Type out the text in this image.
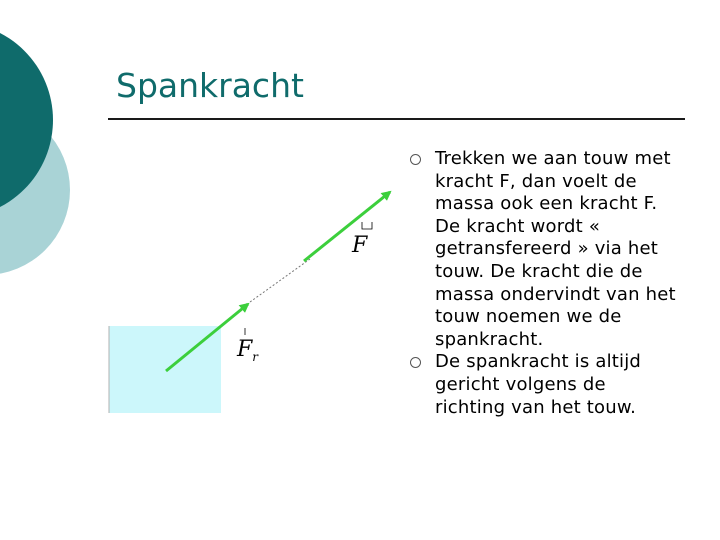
Spankracht
F
$F_r$
Trekken we aan touw met kracht F, dan voelt de massa ook een kracht F. De kracht wordt « getransfereerd » via het touw. De kracht die de massa ondervindt van het touw noemen we de spankracht.
De spankracht is altijd gericht volgens de richting van het touw.
